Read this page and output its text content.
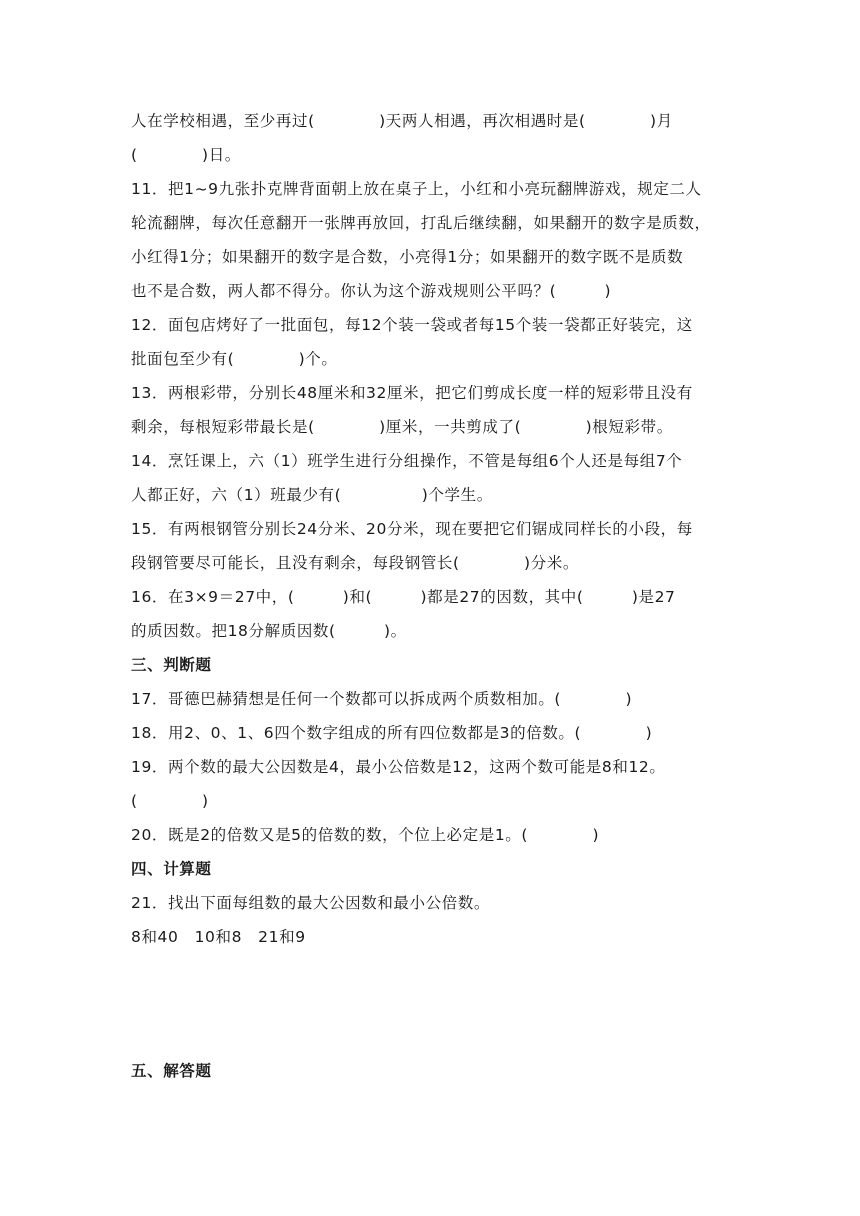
人在学校相遇，至少再过(　　　　)天两人相遇，再次相遇时是(　　　　)月
(　　　　)日。
11．把1~9九张扑克牌背面朝上放在桌子上，小红和小亮玩翻牌游戏，规定二人
轮流翻牌，每次任意翻开一张牌再放回，打乱后继续翻，如果翻开的数字是质数，
小红得1分；如果翻开的数字是合数，小亮得1分；如果翻开的数字既不是质数
也不是合数，两人都不得分。你认为这个游戏规则公平吗？(　　　)
12．面包店烤好了一批面包，每12个装一袋或者每15个装一袋都正好装完，这
批面包至少有(　　　　)个。
13．两根彩带，分别长48厘米和32厘米，把它们剪成长度一样的短彩带且没有
剩余，每根短彩带最长是(　　　　)厘米，一共剪成了(　　　　)根短彩带。
14．烹饪课上，六（1）班学生进行分组操作，不管是每组6个人还是每组7个
人都正好，六（1）班最少有(　　　　　)个学生。
15．有两根钢管分别长24分米、20分米，现在要把它们锯成同样长的小段，每
段钢管要尽可能长，且没有剩余，每段钢管长(　　　　)分米。
16．在3×9＝27中，(　　　)和(　　　)都是27的因数，其中(　　　)是27
的质因数。把18分解质因数(　　　)。
三、判断题
17．哥德巴赫猜想是任何一个数都可以拆成两个质数相加。(　　　　)
18．用2、0、1、6四个数字组成的所有四位数都是3的倍数。(　　　　)
19．两个数的最大公因数是4，最小公倍数是12，这两个数可能是8和12。
(　　　　)
20．既是2的倍数又是5的倍数的数，个位上必定是1。(　　　　)
四、计算题
21．找出下面每组数的最大公因数和最小公倍数。
8和40　10和8　21和9
五、解答题
